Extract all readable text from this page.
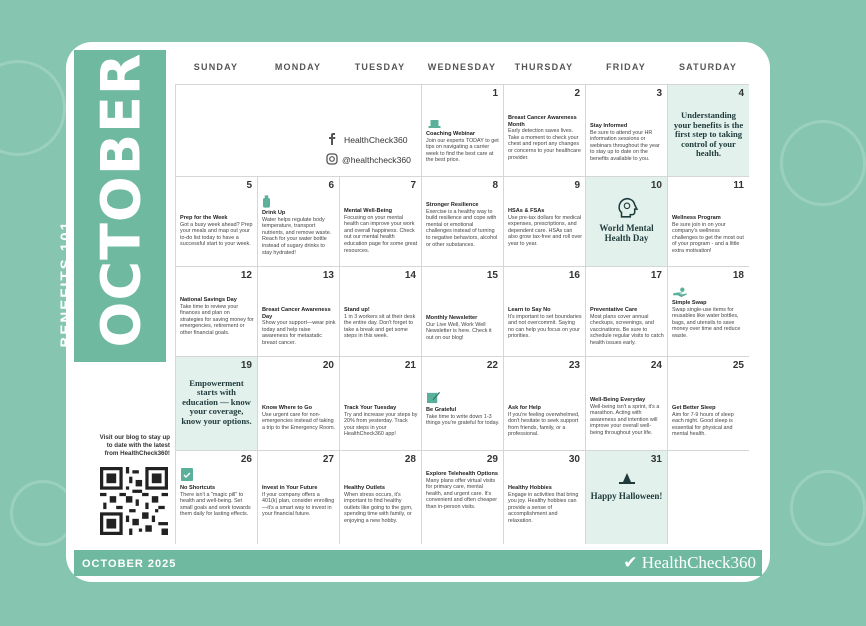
BENEFITS 101 OCTOBER
Visit our blog to stay up to date with the latest from HealthCheck360!
OCTOBER 2025	✔ HealthCheck360
SUNDAY	MONDAY	TUESDAY	WEDNESDAY	THURSDAY	FRIDAY	SATURDAY
HealthCheck360
@healthcheck360
1
Coaching Webinar
Join our experts TODAY to get tips on navigating a carrier week to find the best care at the best price.
2
Breast Cancer Awareness Month
Early detection saves lives. Take a moment to check your chest and report any changes or concerns to your healthcare provider.
3
Stay Informed
Be sure to attend your HR information sessions or webinars throughout the year to stay up to date on the benefits available to you.
4
Understanding your benefits is the first step to taking control of your health.
5
Prep for the Week
Got a busy week ahead? Prep your meals and map out your to-do list today to have a successful start to your week.
6
Drink Up
Water helps regulate body temperature, transport nutrients, and remove waste. Reach for your water bottle instead of sugary drinks to stay hydrated!
7
Mental Well-Being
Focusing on your mental health can improve your work and overall happiness. Check out our mental health education page for some great resources.
8
Stronger Resilience
Exercise is a healthy way to build resilience and cope with mental or emotional challenges instead of turning to negative behaviors, alcohol or other substances.
9
HSAs & FSAs
Use pre-tax dollars for medical expenses, prescriptions, and dependent care. HSAs can also grow tax-free and roll over year to year.
10
World Mental Health Day
11
Wellness Program
Be sure join in on your company's wellness challenges to get the most out of your program - and a little extra motivation!
12
National Savings Day
Take time to review your finances and plan on strategies for saving money for emergencies, retirement or other financial goals.
13
Breast Cancer Awareness Day
Show your support—wear pink today and help raise awareness for metastatic breast cancer.
14
Stand up!
1 in 3 workers sit at their desk the entire day. Don't forget to take a break and get some steps in this week.
15
Monthly Newsletter
Our Live Well, Work Well Newsletter is here. Check it out on our blog!
16
Learn to Say No
It's important to set boundaries and not overcommit. Saying no can help you focus on your priorities.
17
Preventative Care
Most plans cover annual checkups, screenings, and vaccinations. Be sure to schedule regular visits to catch health issues early.
18
Simple Swap
Swap single-use items for reusables like water bottles, bags, and utensils to save money over time and reduce waste.
19
Empowerment starts with education — know your coverage, know your options.
20
Know Where to Go
Use urgent care for non-emergencies instead of taking a trip to the Emergency Room.
21
Track Your Tuesday
Try and increase your steps by 20% from yesterday. Track your steps in your HealthCheck360 app!
22
Be Grateful
Take time to write down 1-3 things you're grateful for today.
23
Ask for Help
If you're feeling overwhelmed, don't hesitate to seek support from friends, family, or a professional.
24
Well-Being Everyday
Well-being isn't a sprint, it's a marathon. Acting with awareness and intention will improve your overall well-being throughout your life.
25
Get Better Sleep
Aim for 7-9 hours of sleep each night. Good sleep is essential for physical and mental health.
26
No Shortcuts
There isn't a "magic pill" to health and well-being. Set small goals and work towards them daily for lasting effects.
27
Invest in Your Future
If your company offers a 401(k) plan, consider enrolling—it's a smart way to invest in your financial future.
28
Healthy Outlets
When stress occurs, it's important to find healthy outlets like going to the gym, spending time with family, or enjoying a new hobby.
29
Explore Telehealth Options
Many plans offer virtual visits for primary care, mental health, and urgent care. It's convenient and often cheaper than in-person visits.
30
Healthy Hobbies
Engage in activities that bring you joy. Healthy hobbies can provide a sense of accomplishment and relaxation.
31
Happy Halloween!
